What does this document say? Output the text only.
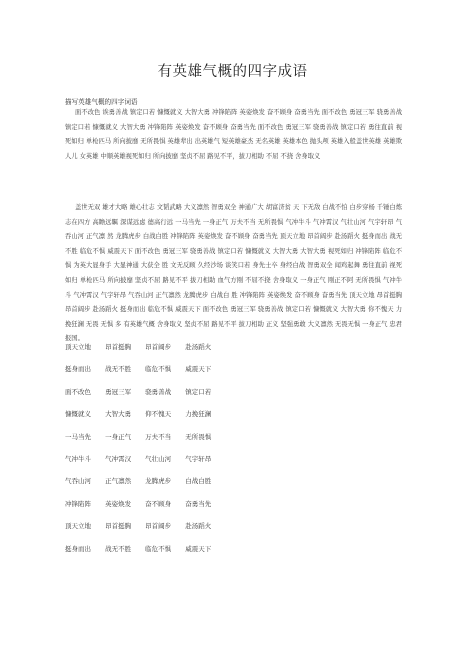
有英雄气概的四字成语
描写英雄气概的四字词语
面不改色 诶勇善战 镇定口若 慷慨就义 大智大勇 冲锋陷阵 英姿焕发 奋不顾身 奋勇当先 面不改色 勇冠三军 骁勇善战 镇定口若 慷慨就义 大智大勇 冲锋陷阵 英姿焕发 奋不顾身 奋勇当先 面不改色 勇冠三军 骁勇善战 镇定口若 勇往直前 视死如归 单枪匹马 所向披靡 无所畏惧 英雄辈出 出英雄气 短英雄豪杰 无名英雄 英雄本色 抛头颅 英雄入般盖世英雄 英雄欺人儿 女英雄 中顺英雄视死如归 所向披靡 坚贞不屈 路见不平，拔刀相助 不屈 不挠 舍身取义
盖世无双 雄才大略 雄心壮志 文韬武略 大义凛然 智勇双全 神通广大 胡富济贫 天 下无敌 白战不怕 白步穿杨 千锤白炼 志在四方 高瞻远瞩 深谋远虑 德高行远 一马当先 一身正气 万夫不当 无所畏惧 气冲牛斗 气冲霄汉 气壮山河 气宇轩昂 气吞山河 正气凛 然 龙腾虎步 白战白胜 冲锋陷阵 英姿焕发 奋不顾身 奋勇当先 顶天立地 昂首阔步 赴汤蹈火 挺身而出 战无不胜 临危不惧 威震天下 面不改色 勇冠三军 骁勇善战 镇定口若 慷慨就义 大智大勇 大智大勇 视死如归 冲锋陷阵 临危不惧 为英大显身手 大显神通 大获全 胜 文无反顾 久经沙场 谈笑口若 身先士卒 身经白战 智勇双全 闻鸡起舞 勇往直前 视死如归 单枪匹马 所向披靡 坚贞不屈 路见不平 拔刀相助 血气方刚 不屈不挠 舍身取义 一身正气 刚正不阿 无所畏惧 气冲牛斗 气冲霄汉 气宇轩昂 气吞山河 正气凛然 龙腾虎步 白战白 胜 冲锋陷阵 英姿焕发 奋不顾身 奋勇当先 顶天立地 昂首挺胸 昂首阔步 赴汤蹈火 挺身而出 临危不惧 威震天下 面不改色 勇冠三军 骁勇善战 镇定口若 慷慨就义 大智大勇 你不愧天 力挽狂澜 无畏 无惧 多 有英雄气概 舍身取义 坚贞不屈 路见不平 拔刀相助 正义 坚强勇敢 大义凛然 无畏无惧 一身正气 忠君报国。
顶天立地 昂首挺胸 昂首阔步 赴汤蹈火
挺身而出 战无不胜 临危不惧 威震天下
面不改色 勇冠三军 骁勇善战 镇定口若
慷慨就义 大智大勇 仰不愧天 力挽狂澜
一马当先 一身正气 万夫不当 无所畏惧
气冲牛斗 气冲霄汉 气壮山河 气宇轩昂
气吞山河 正气凛然 龙腾虎步 白战白胜
冲锋陷阵 英姿焕发 奋不顾身 奋勇当先
顶天立地 昂首挺胸 昂首阔步 赴汤蹈火
挺身而出 战无不胜 临危不惧 威震天下
